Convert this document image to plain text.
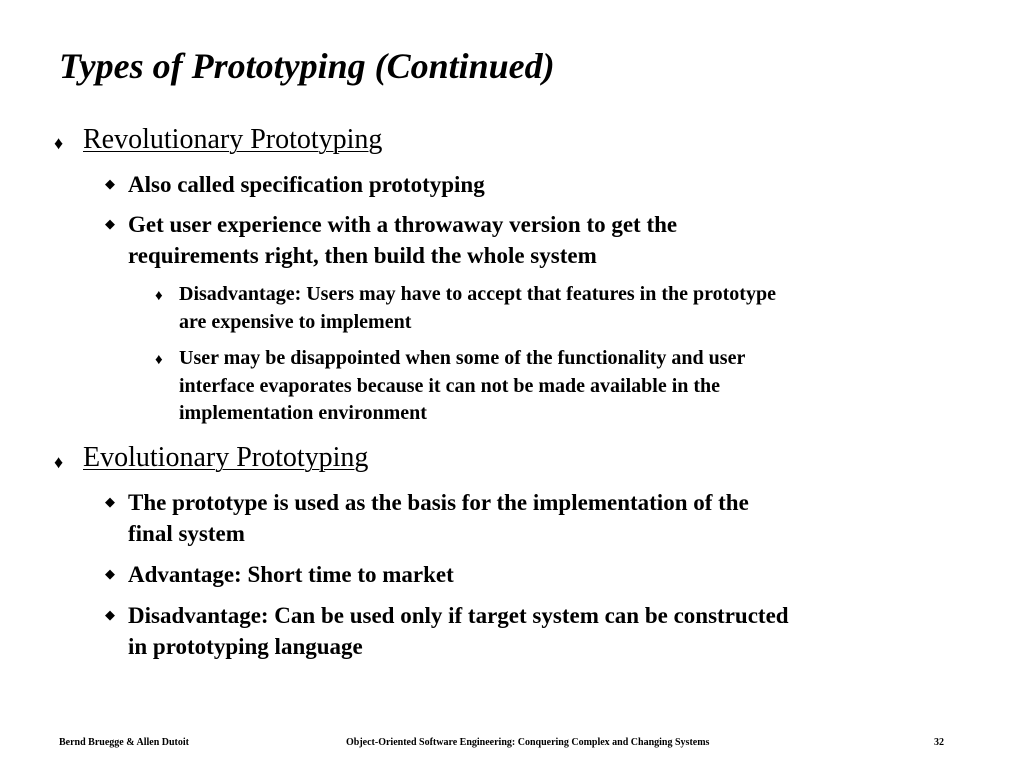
Types of Prototyping (Continued)
♦ Revolutionary Prototyping
◆ Also called specification prototyping
◆ Get user experience with a throwaway version to get the
requirements right, then build the whole system
♦ Disadvantage: Users may have to accept that features in the prototype
are expensive to implement
♦ User may be disappointed when some of the functionality and user
interface evaporates because it can not be made available in the
implementation environment
♦ Evolutionary Prototyping
◆ The prototype is used as the basis for the implementation of the
final system
◆ Advantage: Short time to market
◆ Disadvantage: Can be used only if target system can be constructed
in prototyping language
Bernd Bruegge & Allen Dutoit	Object-Oriented Software Engineering: Conquering Complex and Changing Systems	32
